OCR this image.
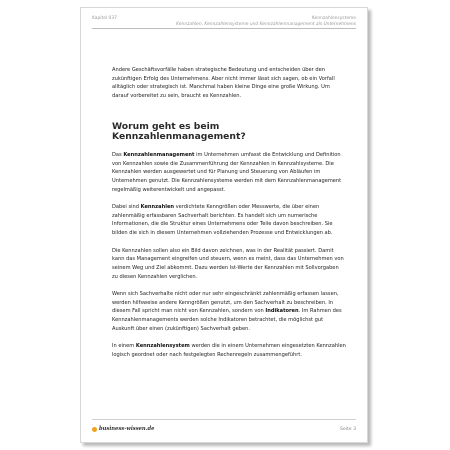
Kapitel 037	Kennzahlensysteme
Kennzahlen, Kennzahlensysteme und Kennzahlenmanagement als Unternehmens

Andere Geschäftsvorfälle haben strategische Bedeutung und entscheiden über den zukünftigen Erfolg des Unternehmens. Aber nicht immer lässt sich sagen, ob ein Vorfall alltäglich oder strategisch ist. Manchmal haben kleine Dinge eine große Wirkung. Um darauf vorbereitet zu sein, braucht es Kennzahlen.

Worum geht es beim Kennzahlenmanagement?

Das Kennzahlenmanagement im Unternehmen umfasst die Entwicklung und Definition von Kennzahlen sowie die Zusammenführung der Kennzahlen in Kennzahlsysteme. Die Kennzahlen werden ausgewertet und für Planung und Steuerung von Abläufen im Unternehmen genutzt. Die Kennzahlensysteme werden mit dem Kennzahlenmanagement regelmäßig weiterentwickelt und angepasst.

Dabei sind Kennzahlen verdichtete Kenngrößen oder Messwerte, die über einen zahlenmäßig erfassbaren Sachverhalt berichten. Es handelt sich um numerische Informationen, die die Struktur eines Unternehmens oder Teile davon beschreiben. Sie bilden die sich in diesem Unternehmen vollziehenden Prozesse und Entwicklungen ab.

Die Kennzahlen sollen also ein Bild davon zeichnen, was in der Realität passiert. Damit kann das Management eingreifen und steuern, wenn es meint, dass das Unternehmen von seinem Weg und Ziel abkommt. Dazu werden Ist-Werte der Kennzahlen mit Sollvorgaben zu diesen Kennzahlen verglichen.

Wenn sich Sachverhalte nicht oder nur sehr eingeschränkt zahlenmäßig erfassen lassen, werden hilfsweise andere Kenngrößen genutzt, um den Sachverhalt zu beschreiben. In diesem Fall spricht man nicht von Kennzahlen, sondern von Indikatoren. Im Rahmen des Kennzahlenmanagements werden solche Indikatoren betrachtet, die möglichst gut Auskunft über einen (zukünftigen) Sachverhalt geben.

In einem Kennzahlensystem werden die in einem Unternehmen eingesetzten Kennzahlen logisch geordnet oder nach festgelegten Rechenregeln zusammengeführt.

business-wissen.de	Seite 3
